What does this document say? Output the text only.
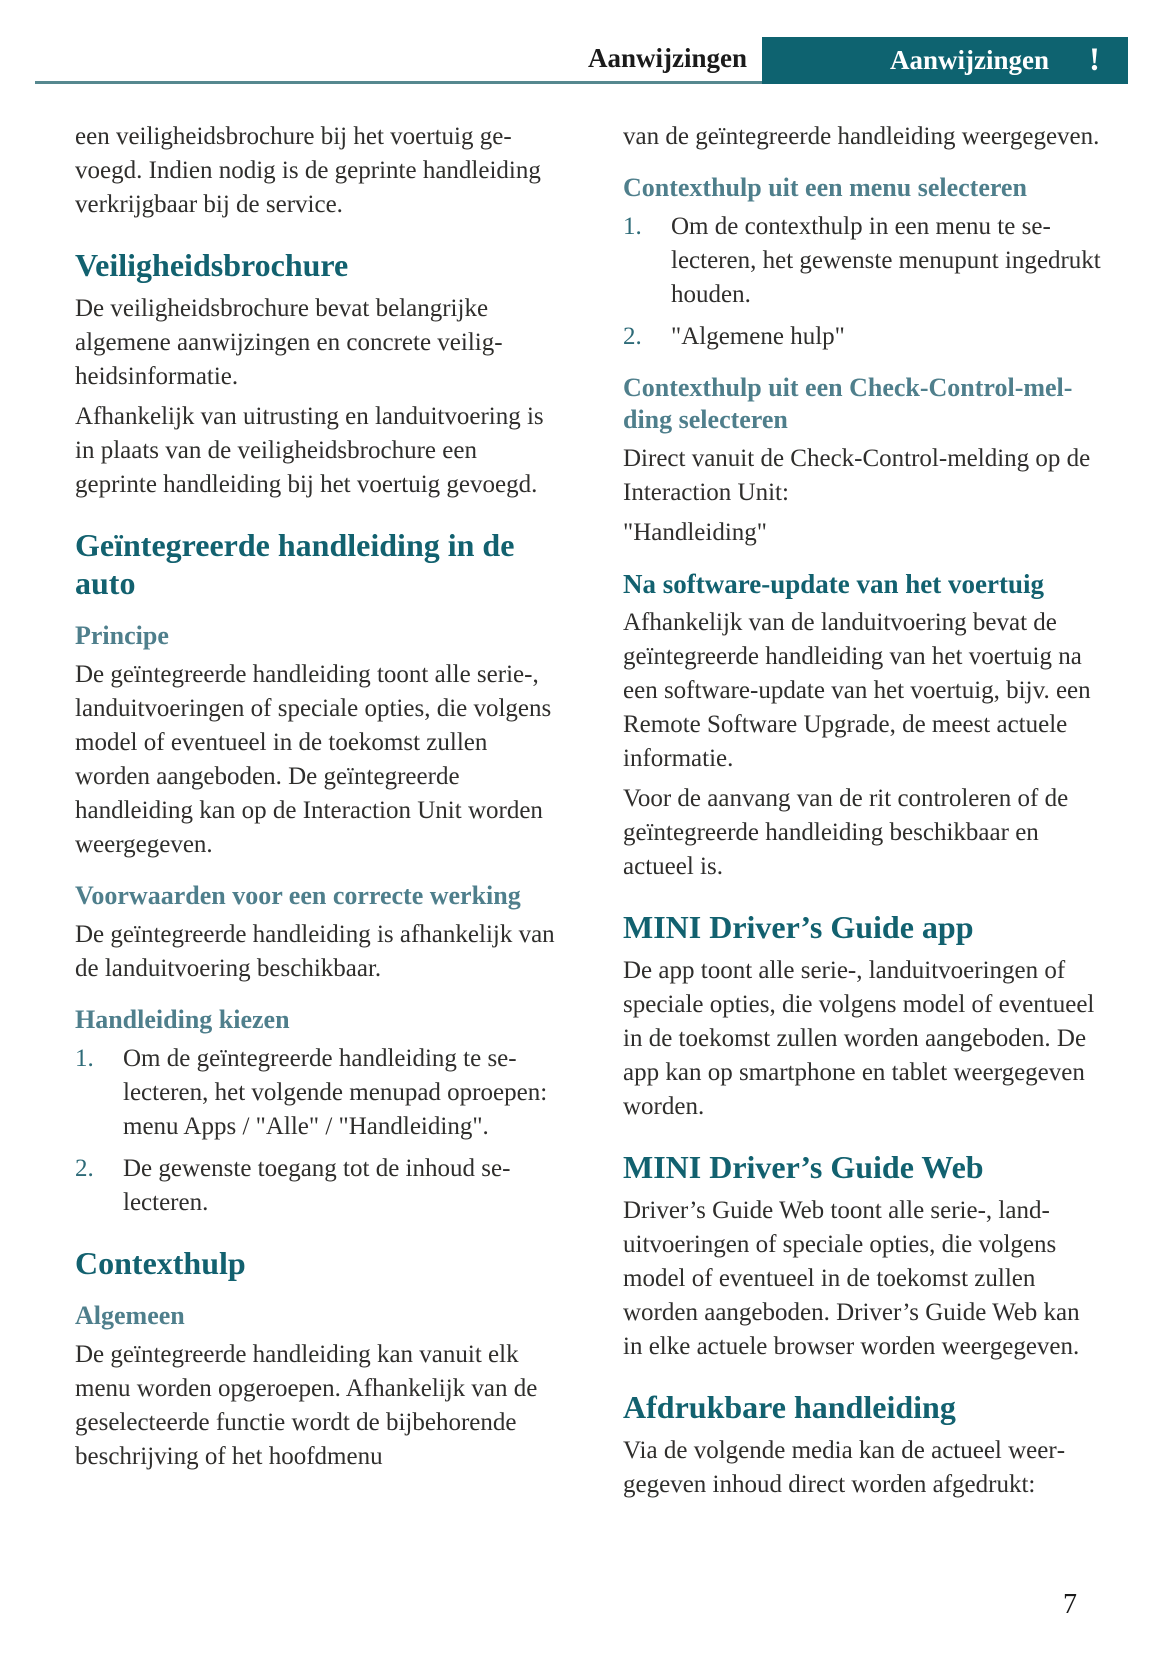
Aanwijzingen	Aanwijzingen !

een veiligheidsbrochure bij het voertuig gevoegd. Indien nodig is de geprinte handleiding verkrijgbaar bij de service.

Veiligheidsbrochure

De veiligheidsbrochure bevat belangrijke algemene aanwijzingen en concrete veiligheidsinformatie.

Afhankelijk van uitrusting en landuitvoering is in plaats van de veiligheidsbrochure een geprinte handleiding bij het voertuig gevoegd.

Geïntegreerde handleiding in de auto
Principe

De geïntegreerde handleiding toont alle serie-, landuitvoeringen of speciale opties, die volgens model of eventueel in de toekomst zullen worden aangeboden. De geïntegreerde handleiding kan op de Interaction Unit worden weergegeven.

Voorwaarden voor een correcte werking

De geïntegreerde handleiding is afhankelijk van de landuitvoering beschikbaar.

Handleiding kiezen
1.	Om de geïntegreerde handleiding te selecteren, het volgende menupad oproepen: menu Apps / "Alle" / "Handleiding".
2.	De gewenste toegang tot de inhoud selecteren.
Contexthulp
Algemeen

De geïntegreerde handleiding kan vanuit elk menu worden opgeroepen. Afhankelijk van de geselecteerde functie wordt de bijbehorende beschrijving of het hoofdmenu

van de geïntegreerde handleiding weergegeven.

Contexthulp uit een menu selecteren
1.	Om de contexthulp in een menu te selecteren, het gewenste menupunt ingedrukt houden.
2.	"Algemene hulp"
Contexthulp uit een Check-Control-melding selecteren

Direct vanuit de Check-Control-melding op de Interaction Unit:

"Handleiding"

Na software-update van het voertuig

Afhankelijk van de landuitvoering bevat de geïntegreerde handleiding van het voertuig na een software-update van het voertuig, bijv. een Remote Software Upgrade, de meest actuele informatie.

Voor de aanvang van de rit controleren of de geïntegreerde handleiding beschikbaar en actueel is.

MINI Driver’s Guide app

De app toont alle serie-, landuitvoeringen of speciale opties, die volgens model of eventueel in de toekomst zullen worden aangeboden. De app kan op smartphone en tablet weergegeven worden.

MINI Driver’s Guide Web

Driver’s Guide Web toont alle serie-, landuitvoeringen of speciale opties, die volgens model of eventueel in de toekomst zullen worden aangeboden. Driver’s Guide Web kan in elke actuele browser worden weergegeven.

Afdrukbare handleiding

Via de volgende media kan de actueel weergegeven inhoud direct worden afgedrukt:

7
